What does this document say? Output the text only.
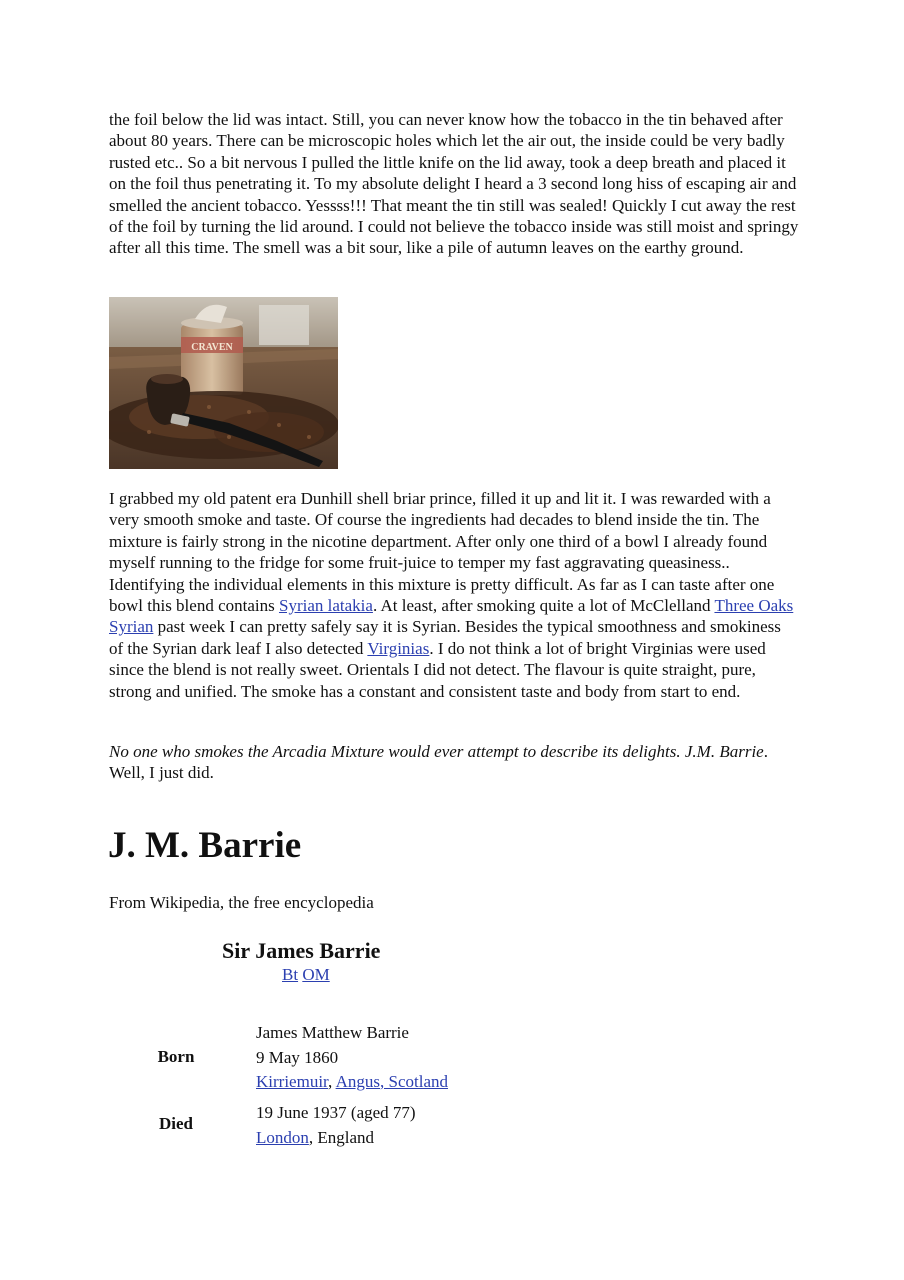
the foil below the lid was intact. Still, you can never know how the tobacco in the tin behaved after about 80 years. There can be microscopic holes which let the air out, the inside could be very badly rusted etc.. So a bit nervous I pulled the little knife on the lid away, took a deep breath and placed it on the foil thus penetrating it. To my absolute delight I heard a 3 second long hiss of escaping air and smelled the ancient tobacco. Yessss!!! That meant the tin still was sealed! Quickly I cut away the rest of the foil by turning the lid around. I could not believe the tobacco inside was still moist and springy after all this time. The smell was a bit sour, like a pile of autumn leaves on the earthy ground.

CRAVEN

I grabbed my old patent era Dunhill shell briar prince, filled it up and lit it. I was rewarded with a very smooth smoke and taste. Of course the ingredients had decades to blend inside the tin. The mixture is fairly strong in the nicotine department. After only one third of a bowl I already found myself running to the fridge for some fruit-juice to temper my fast aggravating queasiness.. Identifying the individual elements in this mixture is pretty difficult. As far as I can taste after one bowl this blend contains Syrian latakia. At least, after smoking quite a lot of McClelland Three Oaks Syrian past week I can pretty safely say it is Syrian. Besides the typical smoothness and smokiness of the Syrian dark leaf I also detected Virginias. I do not think a lot of bright Virginias were used since the blend is not really sweet. Orientals I did not detect. The flavour is quite straight, pure, strong and unified. The smoke has a constant and consistent taste and body from start to end.

No one who smokes the Arcadia Mixture would ever attempt to describe its delights. J.M. Barrie. Well, I just did.

J. M. Barrie

From Wikipedia, the free encyclopedia

Sir James Barrie
Bt OM
Born
James Matthew Barrie
9 May 1860
Kirriemuir, Angus, Scotland
Died
19 June 1937 (aged 77)
London, England
